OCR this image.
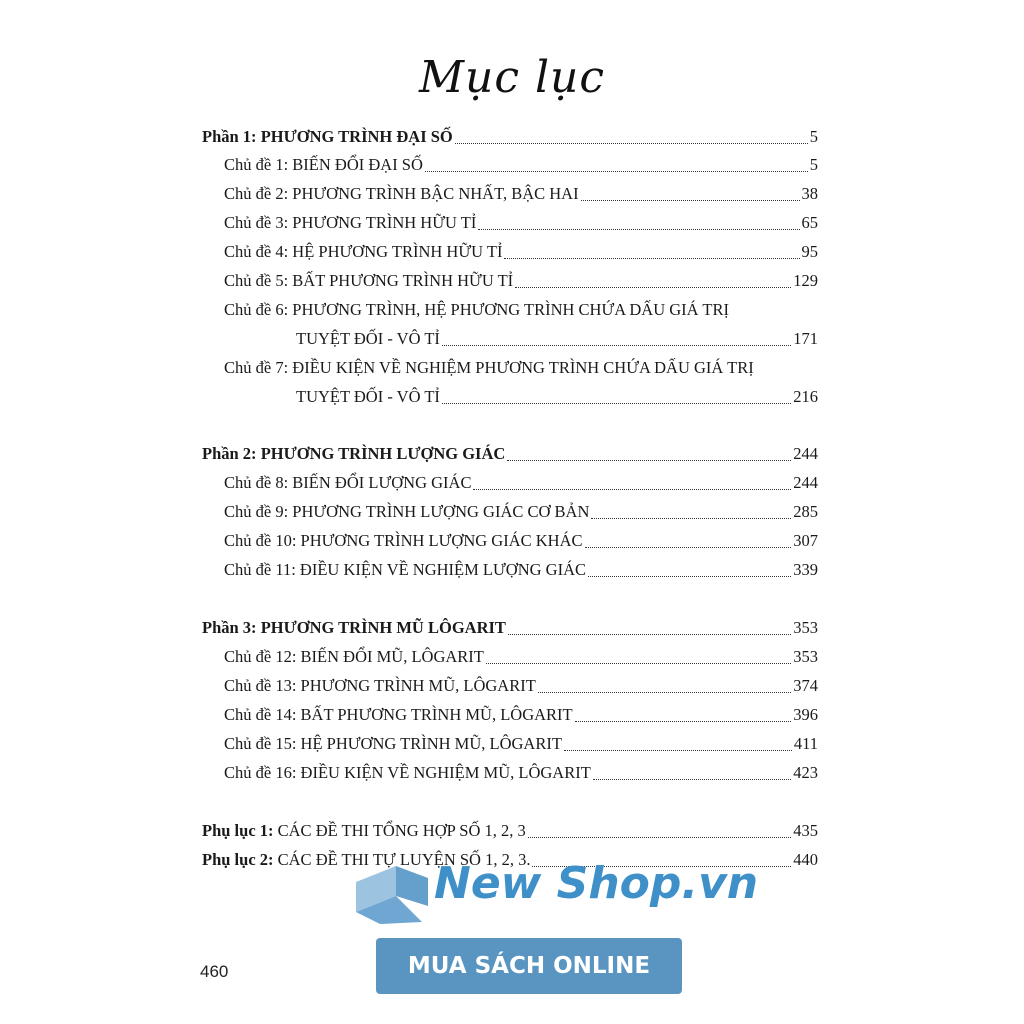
Mục lục
Phần 1: PHƯƠNG TRÌNH ĐẠI SỐ	5
Chủ đề 1: BIẾN ĐỔI ĐẠI SỐ	5
Chủ đề 2: PHƯƠNG TRÌNH BẬC NHẤT, BẬC HAI	38
Chủ đề 3: PHƯƠNG TRÌNH HỮU TỈ	65
Chủ đề 4: HỆ PHƯƠNG TRÌNH HỮU TỈ	95
Chủ đề 5: BẤT PHƯƠNG TRÌNH HỮU TỈ	129
Chủ đề 6: PHƯƠNG TRÌNH, HỆ PHƯƠNG TRÌNH CHỨA DẤU GIÁ TRỊ
TUYỆT ĐỐI - VÔ TỈ	171
Chủ đề 7: ĐIỀU KIỆN VỀ NGHIỆM PHƯƠNG TRÌNH CHỨA DẤU GIÁ TRỊ
TUYỆT ĐỐI - VÔ TỈ	216
Phần 2: PHƯƠNG TRÌNH LƯỢNG GIÁC	244
Chủ đề 8: BIẾN ĐỔI LƯỢNG GIÁC	244
Chủ đề 9: PHƯƠNG TRÌNH LƯỢNG GIÁC CƠ BẢN	285
Chủ đề 10: PHƯƠNG TRÌNH LƯỢNG GIÁC KHÁC	307
Chủ đề 11: ĐIỀU KIỆN VỀ NGHIỆM LƯỢNG GIÁC	339
Phần 3: PHƯƠNG TRÌNH MŨ LÔGARIT	353
Chủ đề 12: BIẾN ĐỔI MŨ, LÔGARIT	353
Chủ đề 13: PHƯƠNG TRÌNH MŨ, LÔGARIT	374
Chủ đề 14: BẤT PHƯƠNG TRÌNH MŨ, LÔGARIT	396
Chủ đề 15: HỆ PHƯƠNG TRÌNH MŨ, LÔGARIT	411
Chủ đề 16: ĐIỀU KIỆN VỀ NGHIỆM MŨ, LÔGARIT	423
Phụ lục 1: CÁC ĐỀ THI TỔNG HỢP SỐ 1, 2, 3	435
Phụ lục 2: CÁC ĐỀ THI TỰ LUYỆN SỐ 1, 2, 3.	440
460
New Shop.vn
MUA SÁCH ONLINE
